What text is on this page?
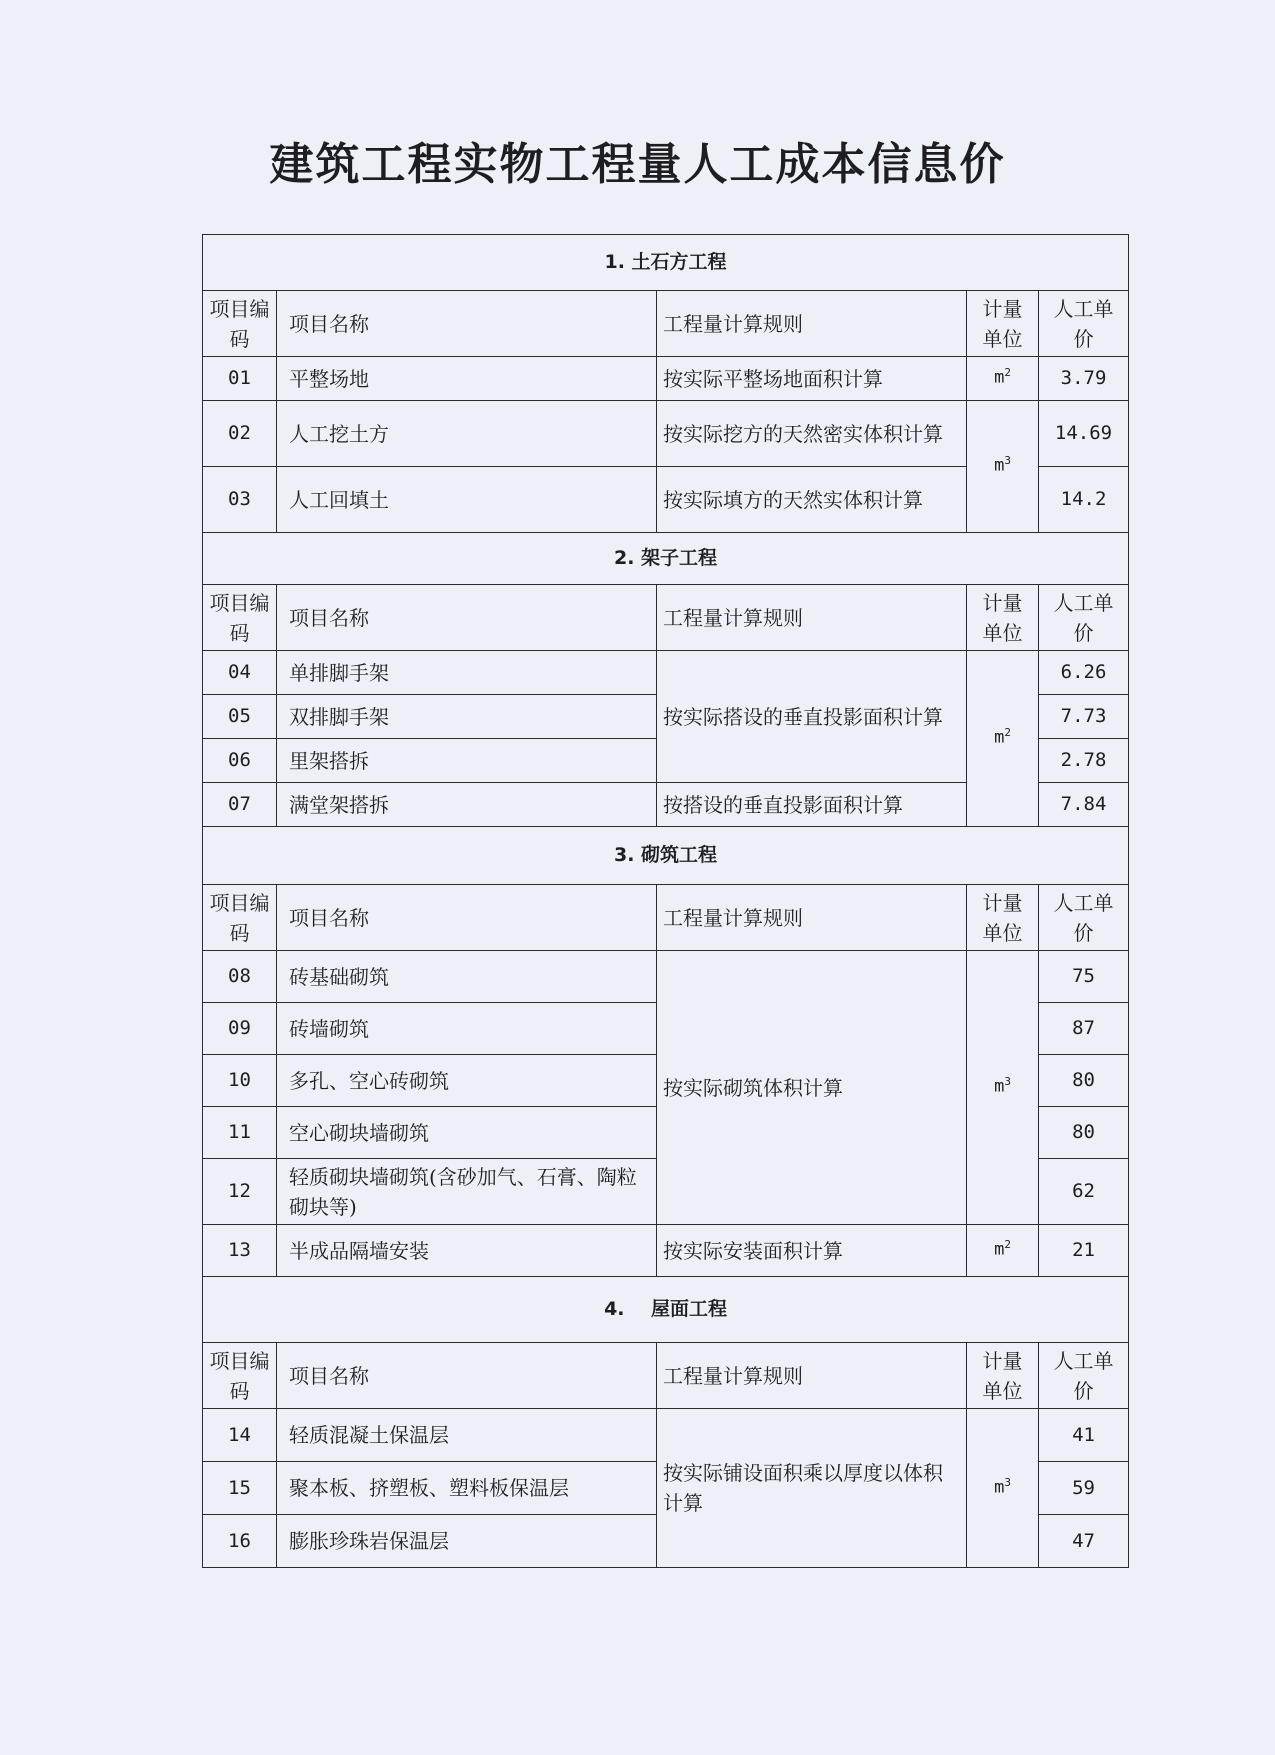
建筑工程实物工程量人工成本信息价
1. 土石方工程				
项目编码	项目名称	工程量计算规则	计量单位	人工单价
01	平整场地	按实际平整场地面积计算	$m^2$	3.79
02	人工挖土方	按实际挖方的天然密实体积计算	$m^3$	14.69
03	人工回填土	按实际填方的天然实体积计算		14.2
2. 架子工程				
项目编码	项目名称	工程量计算规则	计量单位	人工单价
04	单排脚手架	按实际搭设的垂直投影面积计算	$m^2$	6.26
05	双排脚手架			7.73
06	里架搭拆			2.78
07	满堂架搭拆	按搭设的垂直投影面积计算		7.84
3. 砌筑工程				
项目编码	项目名称	工程量计算规则	计量单位	人工单价
08	砖基础砌筑	按实际砌筑体积计算	$m^3$	75
09	砖墙砌筑			87
10	多孔、空心砖砌筑			80
11	空心砌块墙砌筑			80
12	轻质砌块墙砌筑(含砂加气、石膏、陶粒砌块等)			62
13	半成品隔墙安装	按实际安装面积计算	$m^2$	21
4.    屋面工程				
项目编码	项目名称	工程量计算规则	计量单位	人工单价
14	轻质混凝土保温层	按实际铺设面积乘以厚度以体积计算	$m^3$	41
15	聚本板、挤塑板、塑料板保温层			59
16	膨胀珍珠岩保温层			47
